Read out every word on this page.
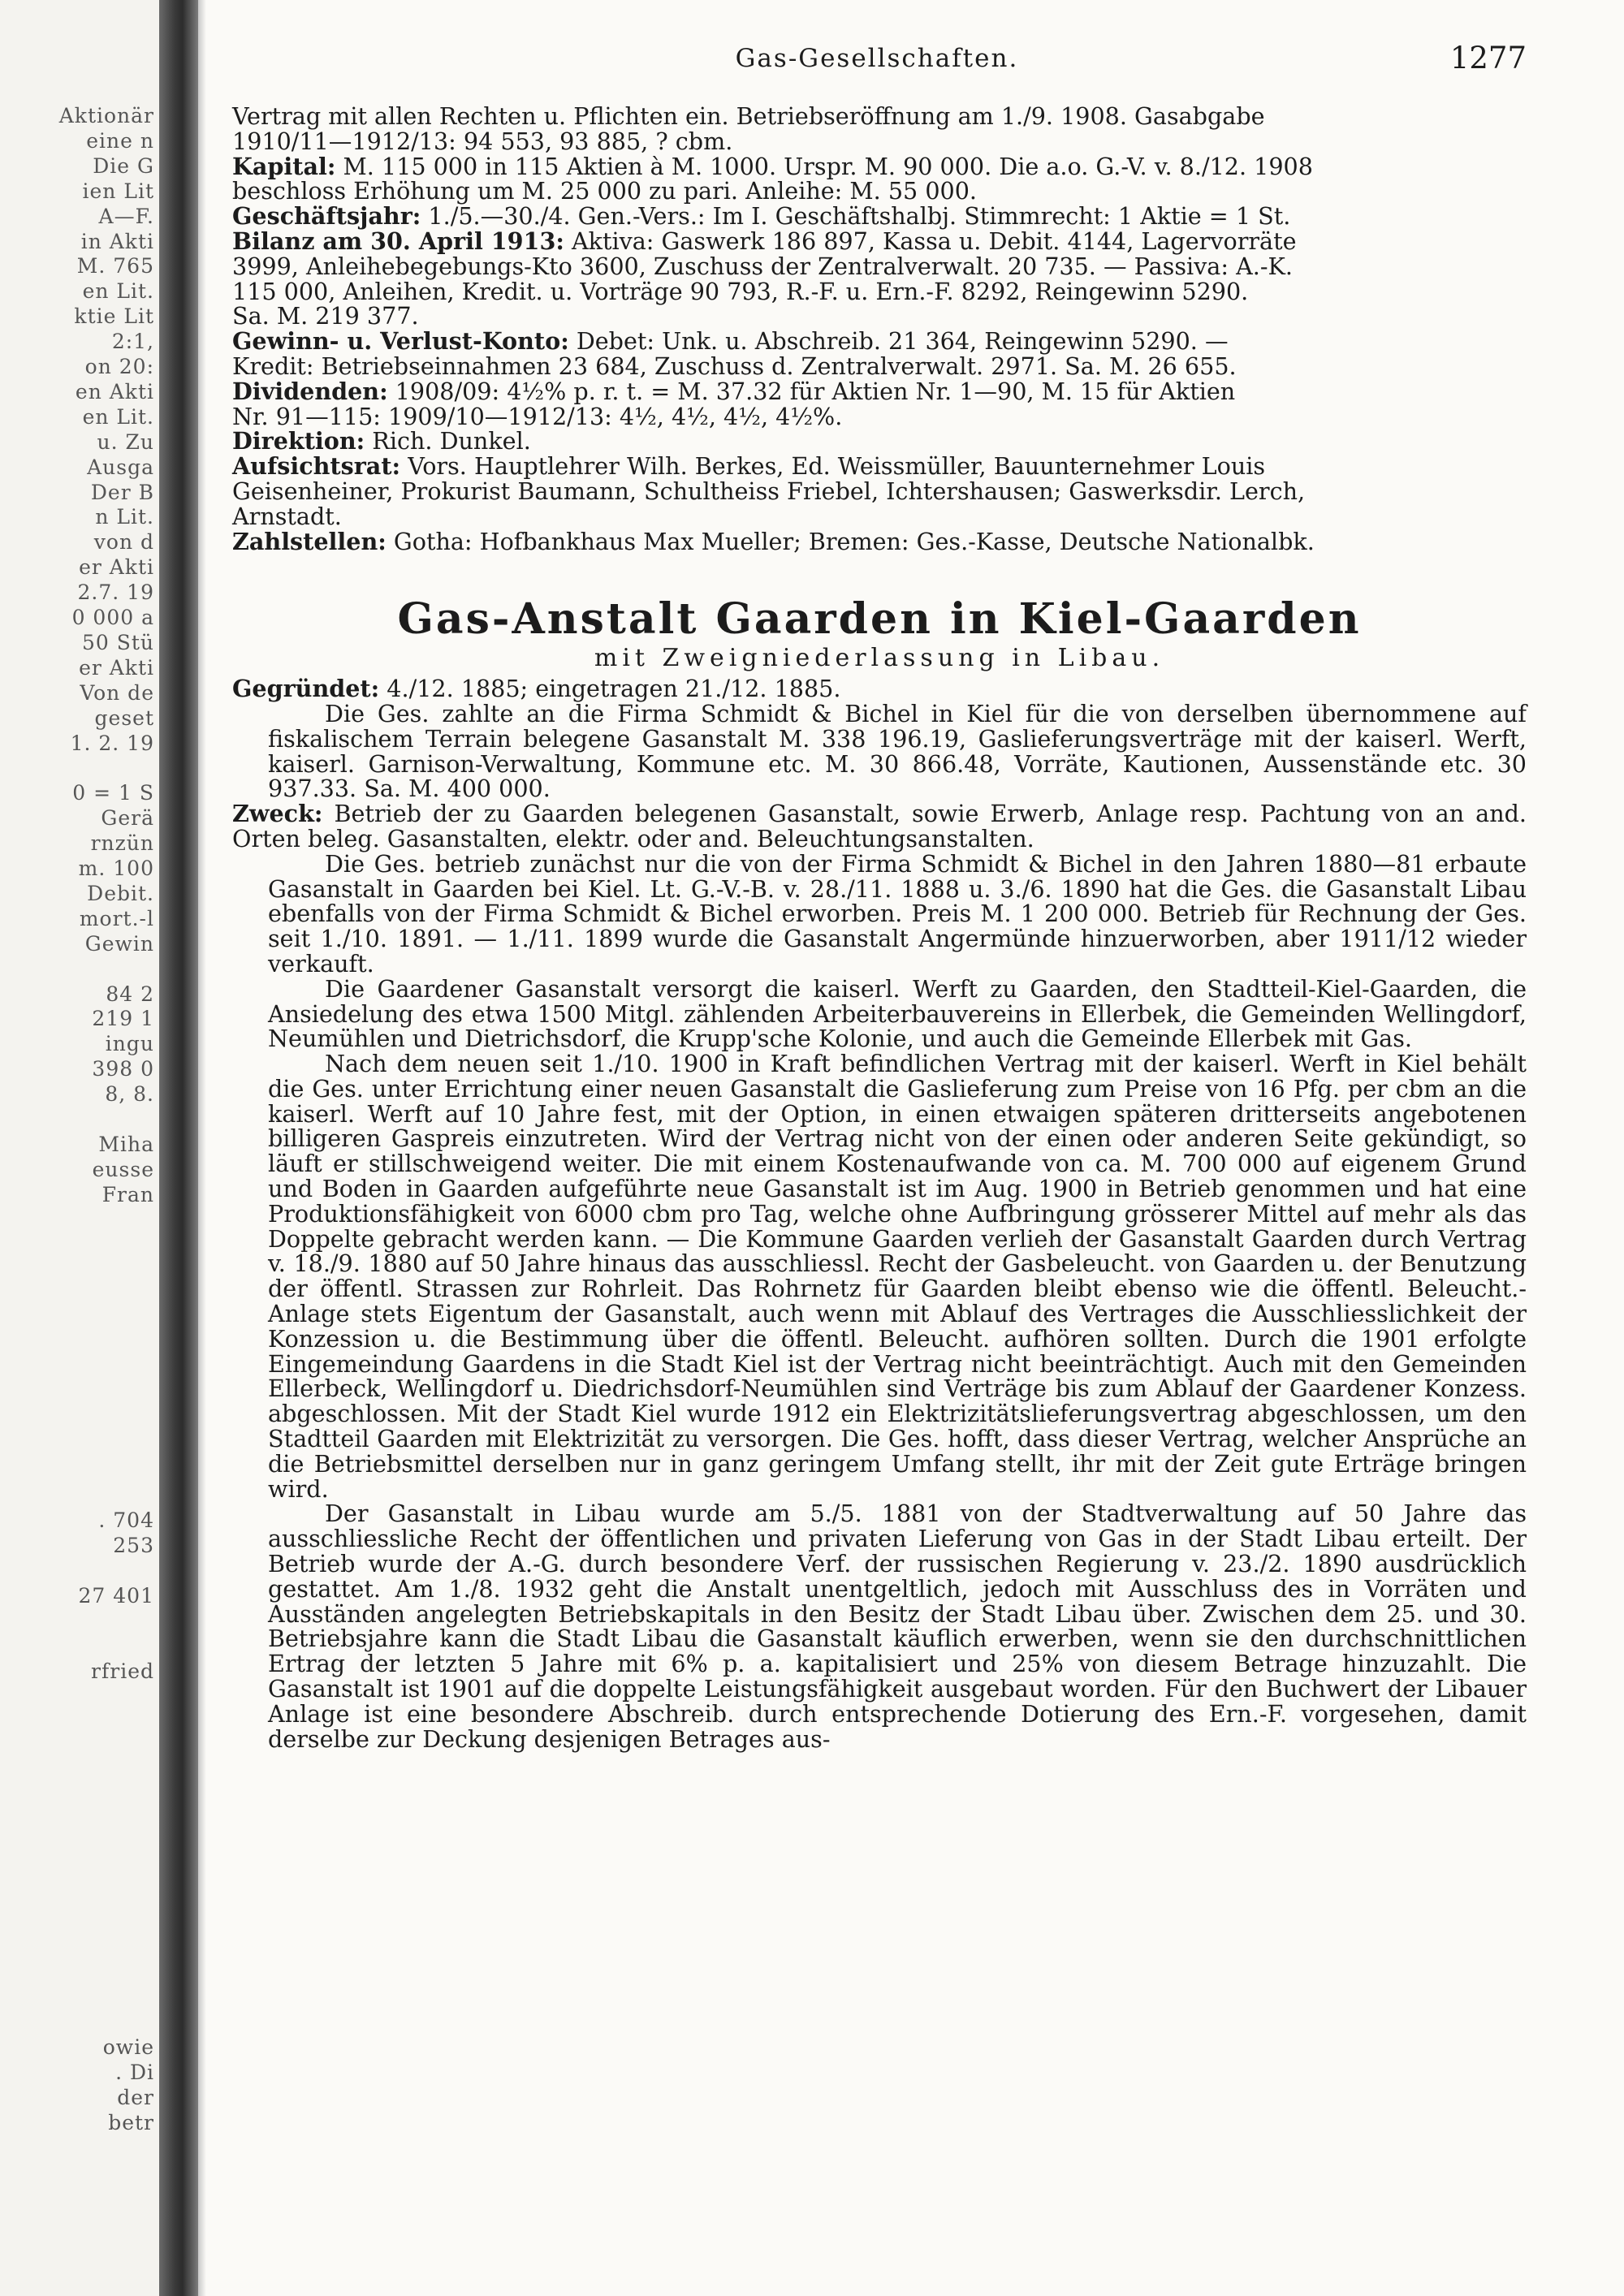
Aktionär
eine n
Die G
ien Lit
A—F.
in Akti
M. 765
en Lit.
ktie Lit
2:1,
on 20:
en Akti
en Lit.
u. Zu
Ausga
Der B
n Lit.
von d
er Akti
2.7. 19
0 000 a
50 Stü
er Akti
Von de
geset
1. 2. 19
0 = 1 S
Gerä
rnzün
m. 100
Debit.
mort.-l
Gewin
84 2
219 1
ingu
398 0
8, 8.
Miha
eusse
Fran
. 704
253
27 401
rfried
owie
. Di
der
betr
Gas-Gesellschaften.	1277

Vertrag mit allen Rechten u. Pflichten ein. Betriebseröffnung am 1./9. 1908. Gasabgabe

1910/11—1912/13: 94 553, 93 885, ? cbm.

Kapital: M. 115 000 in 115 Aktien à M. 1000. Urspr. M. 90 000. Die a.o. G.-V. v. 8./12. 1908

beschloss Erhöhung um M. 25 000 zu pari. Anleihe: M. 55 000.

Geschäftsjahr: 1./5.—30./4. Gen.-Vers.: Im I. Geschäftshalbj. Stimmrecht: 1 Aktie = 1 St.

Bilanz am 30. April 1913: Aktiva: Gaswerk 186 897, Kassa u. Debit. 4144, Lagervorräte

3999, Anleihebegebungs-Kto 3600, Zuschuss der Zentralverwalt. 20 735. — Passiva: A.-K.

115 000, Anleihen, Kredit. u. Vorträge 90 793, R.-F. u. Ern.-F. 8292, Reingewinn 5290.

Sa. M. 219 377.

Gewinn- u. Verlust-Konto: Debet: Unk. u. Abschreib. 21 364, Reingewinn 5290. —

Kredit: Betriebseinnahmen 23 684, Zuschuss d. Zentralverwalt. 2971. Sa. M. 26 655.

Dividenden: 1908/09: 4½% p. r. t. = M. 37.32 für Aktien Nr. 1—90, M. 15 für Aktien

Nr. 91—115: 1909/10—1912/13: 4½, 4½, 4½, 4½%.

Direktion: Rich. Dunkel.

Aufsichtsrat: Vors. Hauptlehrer Wilh. Berkes, Ed. Weissmüller, Bauunternehmer Louis

Geisenheiner, Prokurist Baumann, Schultheiss Friebel, Ichtershausen; Gaswerksdir. Lerch,

Arnstadt.

Zahlstellen: Gotha: Hofbankhaus Max Mueller; Bremen: Ges.-Kasse, Deutsche Nationalbk.

Gas-Anstalt Gaarden in Kiel-Gaarden
mit Zweigniederlassung in Libau.

Gegründet: 4./12. 1885; eingetragen 21./12. 1885.

Die Ges. zahlte an die Firma Schmidt & Bichel in Kiel für die von derselben übernommene auf fiskalischem Terrain belegene Gasanstalt M. 338 196.19, Gaslieferungsverträge mit der kaiserl. Werft, kaiserl. Garnison-Verwaltung, Kommune etc. M. 30 866.48, Vorräte, Kautionen, Aussenstände etc. 30 937.33. Sa. M. 400 000.

Zweck: Betrieb der zu Gaarden belegenen Gasanstalt, sowie Erwerb, Anlage resp. Pachtung von an and. Orten beleg. Gasanstalten, elektr. oder and. Beleuchtungsanstalten.

Die Ges. betrieb zunächst nur die von der Firma Schmidt & Bichel in den Jahren 1880—81 erbaute Gasanstalt in Gaarden bei Kiel. Lt. G.-V.-B. v. 28./11. 1888 u. 3./6. 1890 hat die Ges. die Gasanstalt Libau ebenfalls von der Firma Schmidt & Bichel erworben. Preis M. 1 200 000. Betrieb für Rechnung der Ges. seit 1./10. 1891. — 1./11. 1899 wurde die Gasanstalt Angermünde hinzuerworben, aber 1911/12 wieder verkauft.

Die Gaardener Gasanstalt versorgt die kaiserl. Werft zu Gaarden, den Stadtteil-Kiel-Gaarden, die Ansiedelung des etwa 1500 Mitgl. zählenden Arbeiterbauvereins in Ellerbek, die Gemeinden Wellingdorf, Neumühlen und Dietrichsdorf, die Krupp'sche Kolonie, und auch die Gemeinde Ellerbek mit Gas.

Nach dem neuen seit 1./10. 1900 in Kraft befindlichen Vertrag mit der kaiserl. Werft in Kiel behält die Ges. unter Errichtung einer neuen Gasanstalt die Gaslieferung zum Preise von 16 Pfg. per cbm an die kaiserl. Werft auf 10 Jahre fest, mit der Option, in einen etwaigen späteren dritterseits angebotenen billigeren Gaspreis einzutreten. Wird der Vertrag nicht von der einen oder anderen Seite gekündigt, so läuft er stillschweigend weiter. Die mit einem Kostenaufwande von ca. M. 700 000 auf eigenem Grund und Boden in Gaarden aufgeführte neue Gasanstalt ist im Aug. 1900 in Betrieb genommen und hat eine Produktionsfähigkeit von 6000 cbm pro Tag, welche ohne Aufbringung grösserer Mittel auf mehr als das Doppelte gebracht werden kann. — Die Kommune Gaarden verlieh der Gasanstalt Gaarden durch Vertrag v. 18./9. 1880 auf 50 Jahre hinaus das ausschliessl. Recht der Gasbeleucht. von Gaarden u. der Benutzung der öffentl. Strassen zur Rohrleit. Das Rohrnetz für Gaarden bleibt ebenso wie die öffentl. Beleucht.-Anlage stets Eigentum der Gasanstalt, auch wenn mit Ablauf des Vertrages die Ausschliesslichkeit der Konzession u. die Bestimmung über die öffentl. Beleucht. aufhören sollten. Durch die 1901 erfolgte Eingemeindung Gaardens in die Stadt Kiel ist der Vertrag nicht beeinträchtigt. Auch mit den Gemeinden Ellerbeck, Wellingdorf u. Diedrichsdorf-Neumühlen sind Verträge bis zum Ablauf der Gaardener Konzess. abgeschlossen. Mit der Stadt Kiel wurde 1912 ein Elektrizitätslieferungsvertrag abgeschlossen, um den Stadtteil Gaarden mit Elektrizität zu versorgen. Die Ges. hofft, dass dieser Vertrag, welcher Ansprüche an die Betriebsmittel derselben nur in ganz geringem Umfang stellt, ihr mit der Zeit gute Erträge bringen wird.

Der Gasanstalt in Libau wurde am 5./5. 1881 von der Stadtverwaltung auf 50 Jahre das ausschliessliche Recht der öffentlichen und privaten Lieferung von Gas in der Stadt Libau erteilt. Der Betrieb wurde der A.-G. durch besondere Verf. der russischen Regierung v. 23./2. 1890 ausdrücklich gestattet. Am 1./8. 1932 geht die Anstalt unentgeltlich, jedoch mit Ausschluss des in Vorräten und Ausständen angelegten Betriebskapitals in den Besitz der Stadt Libau über. Zwischen dem 25. und 30. Betriebsjahre kann die Stadt Libau die Gasanstalt käuflich erwerben, wenn sie den durchschnittlichen Ertrag der letzten 5 Jahre mit 6% p. a. kapitalisiert und 25% von diesem Betrage hinzuzahlt. Die Gasanstalt ist 1901 auf die doppelte Leistungsfähigkeit ausgebaut worden. Für den Buchwert der Libauer Anlage ist eine besondere Abschreib. durch entsprechende Dotierung des Ern.-F. vorgesehen, damit derselbe zur Deckung desjenigen Betrages aus-
